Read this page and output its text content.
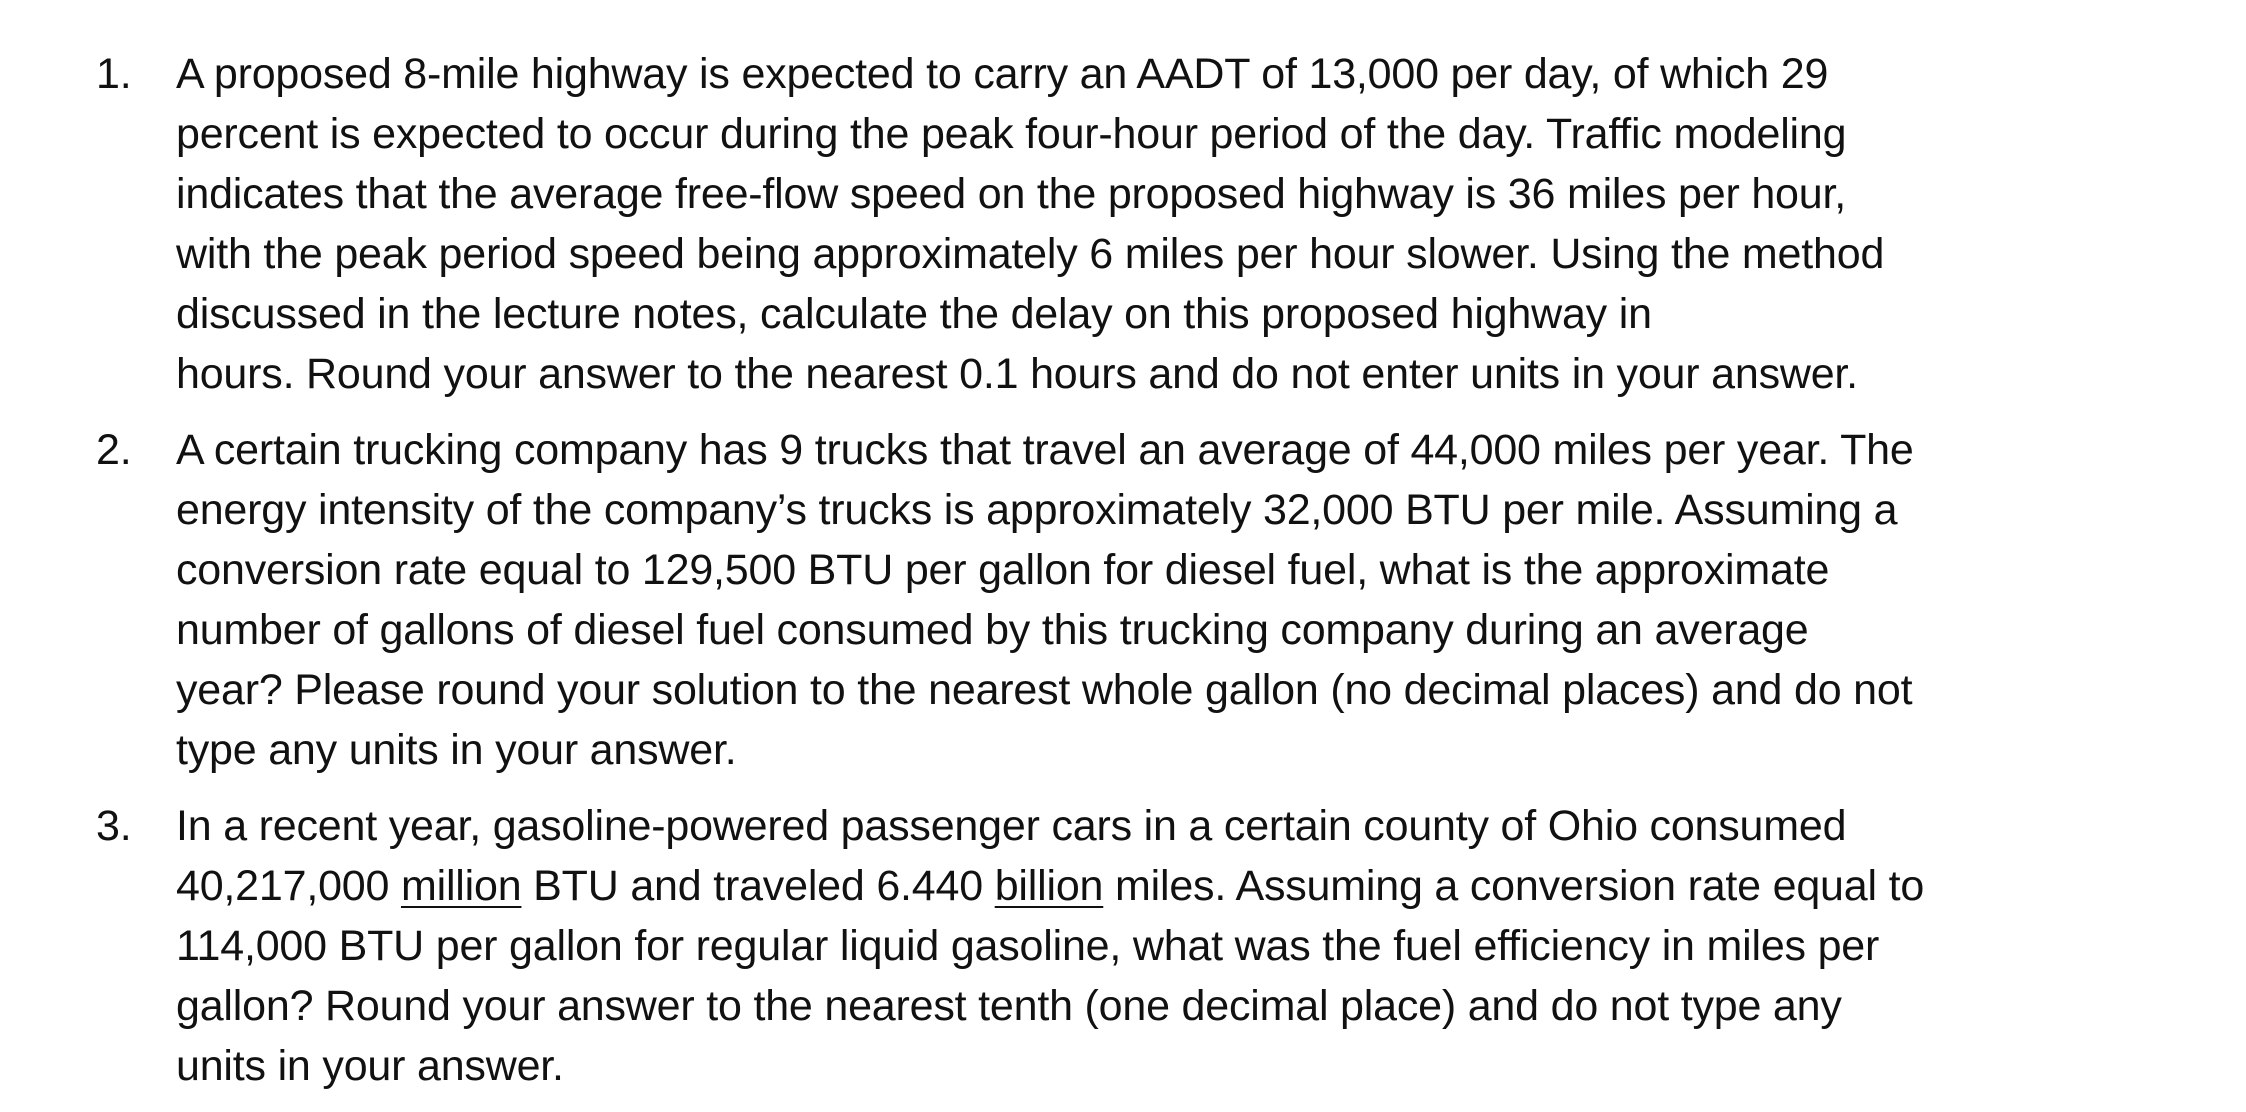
1.	A proposed 8-mile highway is expected to carry an AADT of 13,000 per day, of which 29
percent is expected to occur during the peak four-hour period of the day. Traffic modeling
indicates that the average free-flow speed on the proposed highway is 36 miles per hour,
with the peak period speed being approximately 6 miles per hour slower. Using the method
discussed in the lecture notes, calculate the delay on this proposed highway in
hours. Round your answer to the nearest 0.1 hours and do not enter units in your answer.
2.	A certain trucking company has 9 trucks that travel an average of 44,000 miles per year. The
energy intensity of the company’s trucks is approximately 32,000 BTU per mile. Assuming a
conversion rate equal to 129,500 BTU per gallon for diesel fuel, what is the approximate
number of gallons of diesel fuel consumed by this trucking company during an average
year? Please round your solution to the nearest whole gallon (no decimal places) and do not
type any units in your answer.
3.	In a recent year, gasoline-powered passenger cars in a certain county of Ohio consumed
40,217,000 million BTU and traveled 6.440 billion miles. Assuming a conversion rate equal to
114,000 BTU per gallon for regular liquid gasoline, what was the fuel efficiency in miles per
gallon? Round your answer to the nearest tenth (one decimal place) and do not type any
units in your answer.
